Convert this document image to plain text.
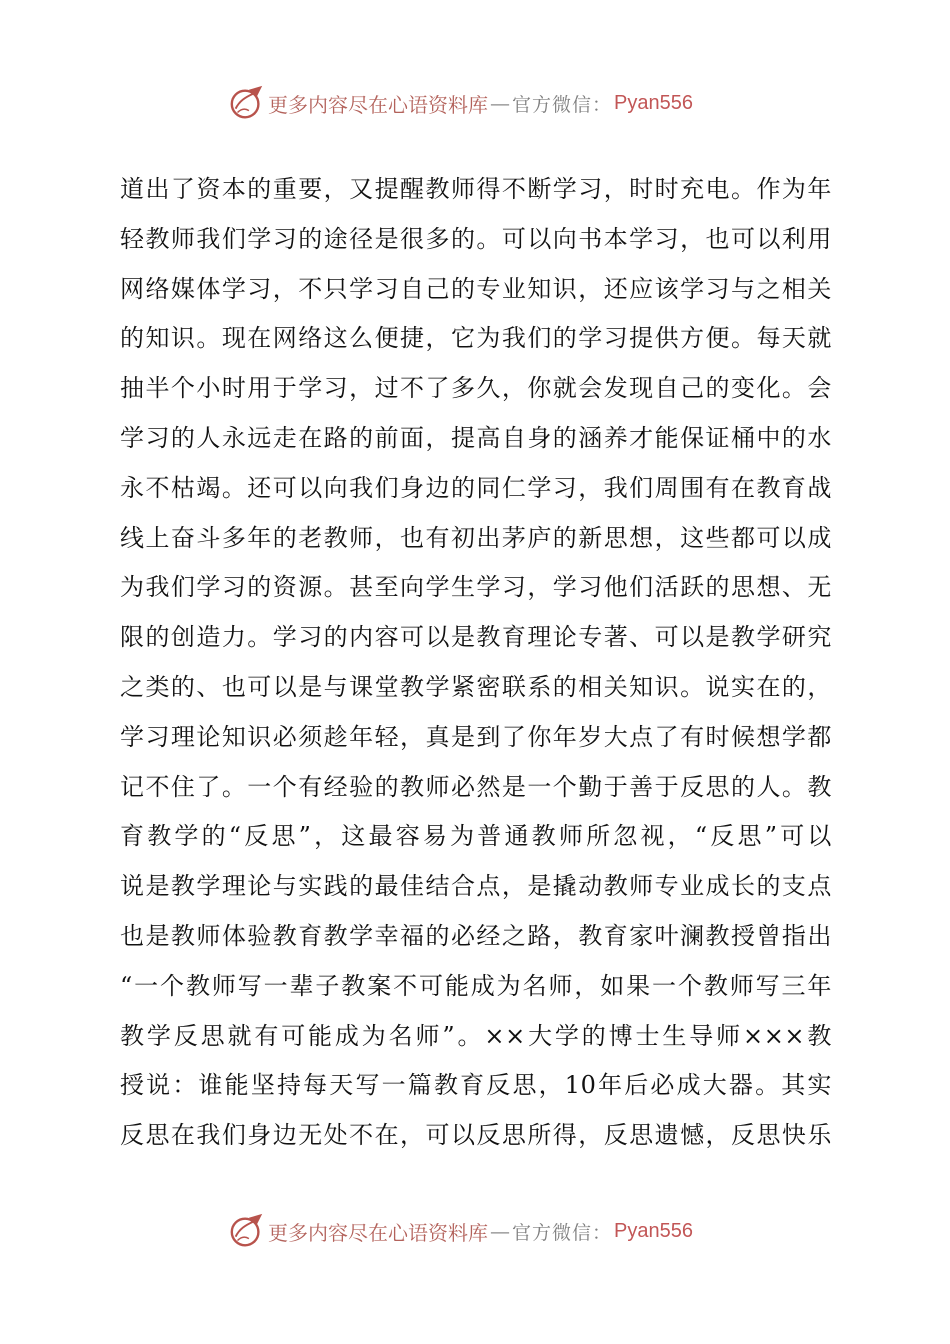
更多内容尽在心语资料库 — 官方微信： Pyan556
道出了资本的重要，又提醒教师得不断学习，时时充电。作为年
轻教师我们学习的途径是很多的。可以向书本学习，也可以利用
网络媒体学习，不只学习自己的专业知识，还应该学习与之相关
的知识。现在网络这么便捷，它为我们的学习提供方便。每天就
抽半个小时用于学习，过不了多久，你就会发现自己的变化。会
学习的人永远走在路的前面，提高自身的涵养才能保证桶中的水
永不枯竭。还可以向我们身边的同仁学习，我们周围有在教育战
线上奋斗多年的老教师，也有初出茅庐的新思想，这些都可以成
为我们学习的资源。甚至向学生学习，学习他们活跃的思想、无
限的创造力。学习的内容可以是教育理论专著、可以是教学研究
之类的、也可以是与课堂教学紧密联系的相关知识。说实在的，
学习理论知识必须趁年轻，真是到了你年岁大点了有时候想学都
记不住了。一个有经验的教师必然是一个勤于善于反思的人。教
育教学的“反思”，这最容易为普通教师所忽视，“反思”可以
说是教学理论与实践的最佳结合点，是撬动教师专业成长的支点
也是教师体验教育教学幸福的必经之路，教育家叶澜教授曾指出
“一个教师写一辈子教案不可能成为名师，如果一个教师写三年
教学反思就有可能成为名师”。××大学的博士生导师×××教
授说：谁能坚持每天写一篇教育反思，10年后必成大器。其实
反思在我们身边无处不在，可以反思所得，反思遗憾，反思快乐
更多内容尽在心语资料库 — 官方微信： Pyan556
